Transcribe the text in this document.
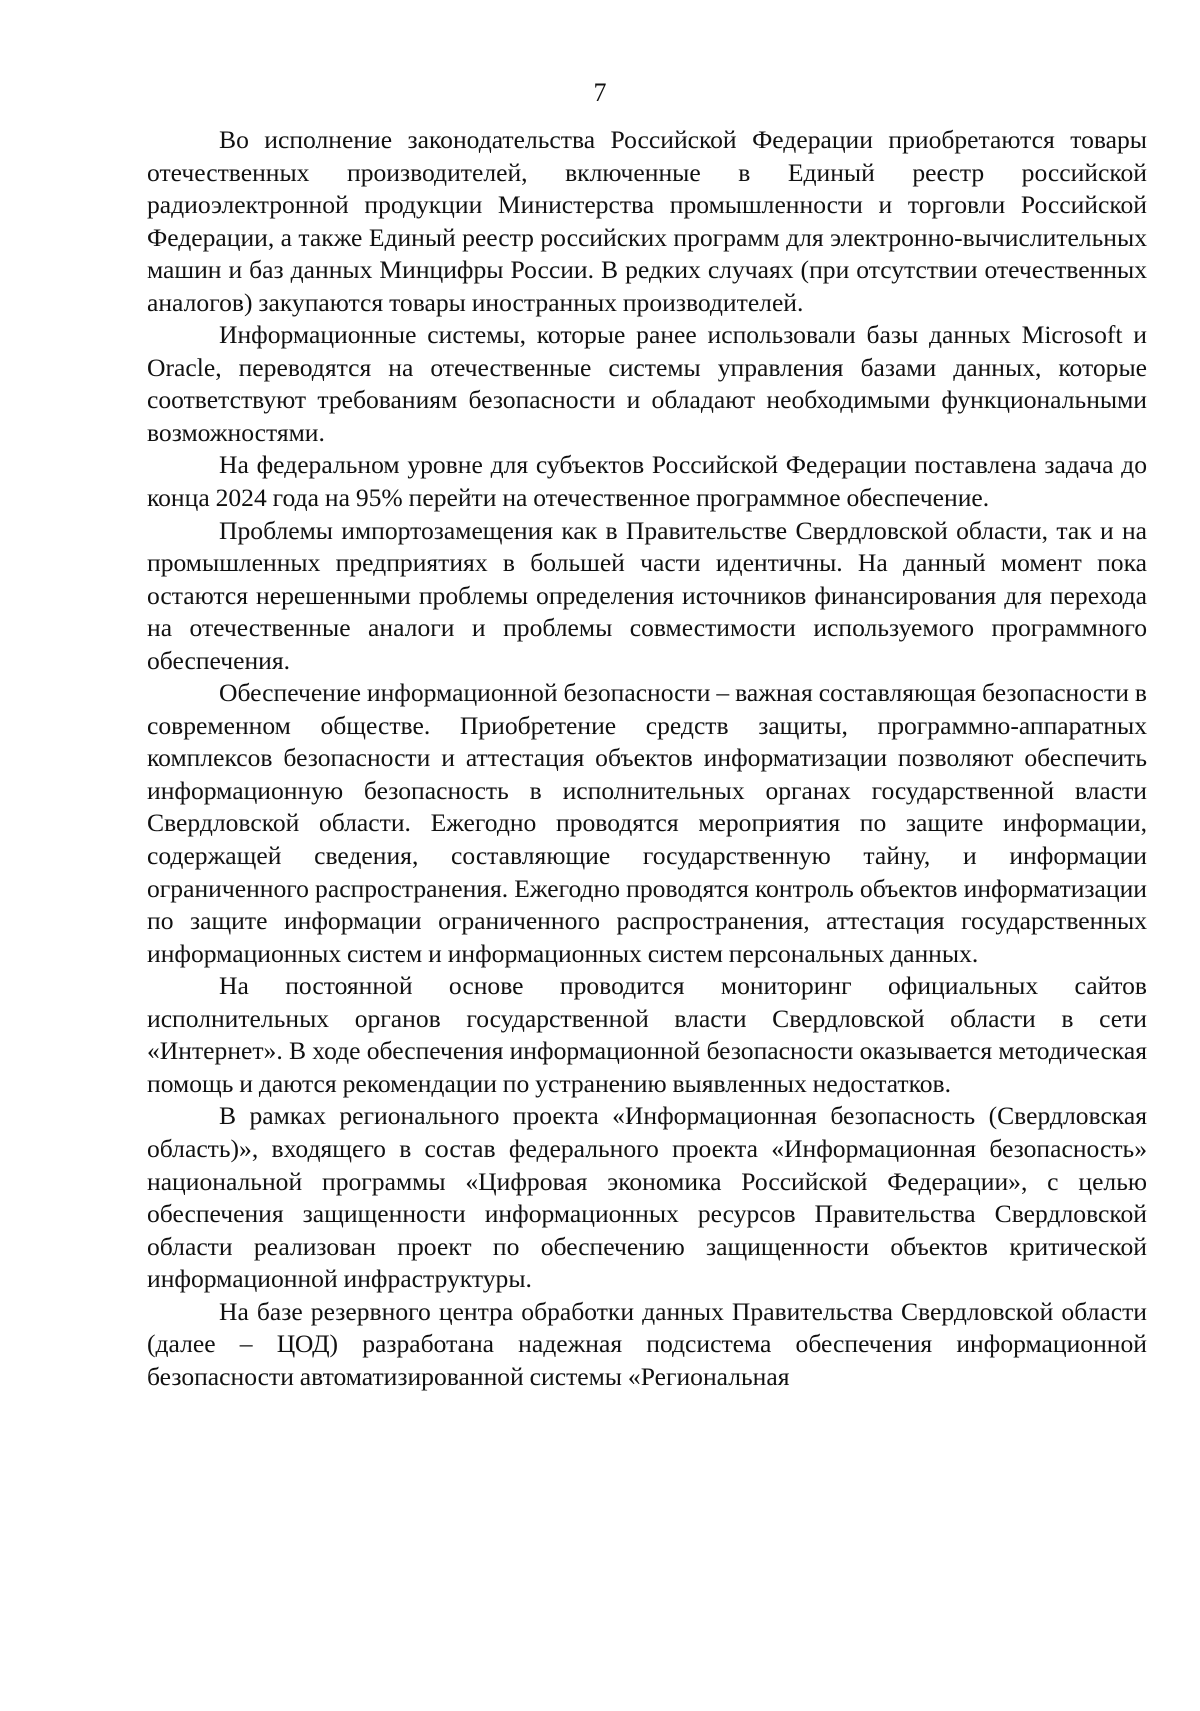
7

Во исполнение законодательства Российской Федерации приобретаются товары отечественных производителей, включенные в Единый реестр российской радиоэлектронной продукции Министерства промышленности и торговли Российской Федерации, а также Единый реестр российских программ для электронно-вычислительных машин и баз данных Минцифры России. В редких случаях (при отсутствии отечественных аналогов) закупаются товары иностранных производителей.

Информационные системы, которые ранее использовали базы данных Microsoft и Oracle, переводятся на отечественные системы управления базами данных, которые соответствуют требованиям безопасности и обладают необходимыми функциональными возможностями.

На федеральном уровне для субъектов Российской Федерации поставлена задача до конца 2024 года на 95% перейти на отечественное программное обеспечение.

Проблемы импортозамещения как в Правительстве Свердловской области, так и на промышленных предприятиях в большей части идентичны. На данный момент пока остаются нерешенными проблемы определения источников финансирования для перехода на отечественные аналоги и проблемы совместимости используемого программного обеспечения.

Обеспечение информационной безопасности – важная составляющая безопасности в современном обществе. Приобретение средств защиты, программно-аппаратных комплексов безопасности и аттестация объектов информатизации позволяют обеспечить информационную безопасность в исполнительных органах государственной власти Свердловской области. Ежегодно проводятся мероприятия по защите информации, содержащей сведения, составляющие государственную тайну, и информации ограниченного распространения. Ежегодно проводятся контроль объектов информатизации по защите информации ограниченного распространения, аттестация государственных информационных систем и информационных систем персональных данных.

На постоянной основе проводится мониторинг официальных сайтов исполнительных органов государственной власти Свердловской области в сети «Интернет». В ходе обеспечения информационной безопасности оказывается методическая помощь и даются рекомендации по устранению выявленных недостатков.

В рамках регионального проекта «Информационная безопасность (Свердловская область)», входящего в состав федерального проекта «Информационная безопасность» национальной программы «Цифровая экономика Российской Федерации», с целью обеспечения защищенности информационных ресурсов Правительства Свердловской области реализован проект по обеспечению защищенности объектов критической информационной инфраструктуры.

На базе резервного центра обработки данных Правительства Свердловской области (далее – ЦОД) разработана надежная подсистема обеспечения информационной безопасности автоматизированной системы «Региональная
